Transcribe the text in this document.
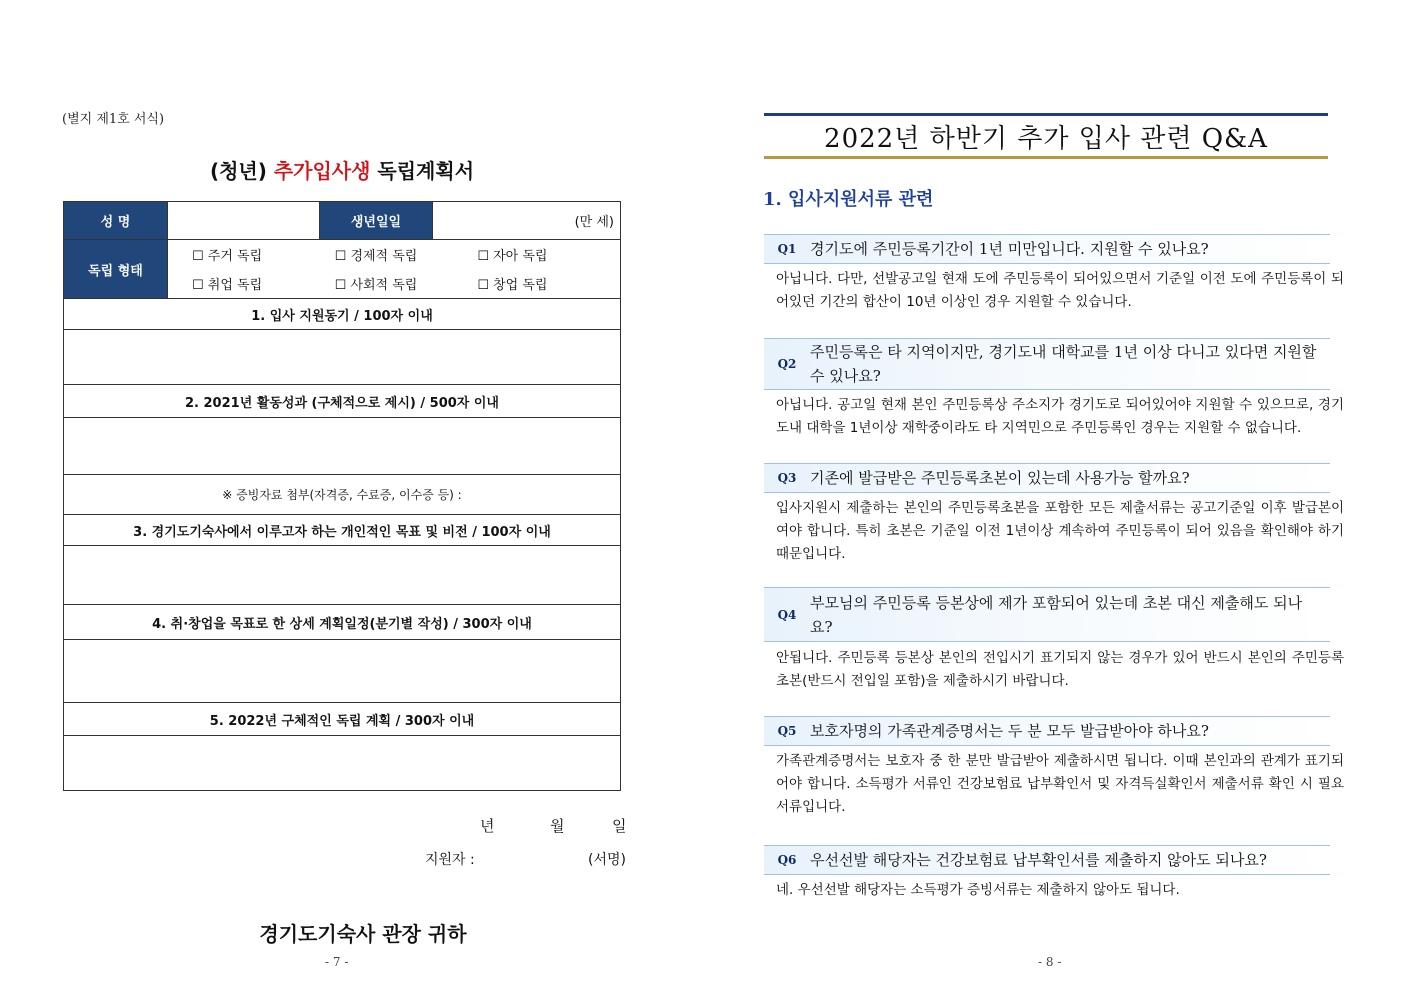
(별지 제1호 서식)
(청년) 추가입사생 독립계획서
성 명	생년일일	(만 세)
독립 형태
☐ 주거 독립	☐ 경제적 독립	☐ 자아 독립
☐ 취업 독립	☐ 사회적 독립	☐ 창업 독립
1. 입사 지원동기 / 100자 이내
2. 2021년 활동성과 (구체적으로 제시) / 500자 이내
※ 증빙자료 첨부(자격증, 수료증, 이수증 등) :
3. 경기도기숙사에서 이루고자 하는 개인적인 목표 및 비전 / 100자 이내
4. 취·창업을 목표로 한 상세 계획일정(분기별 작성) / 300자 이내
5. 2022년 구체적인 독립 계획 / 300자 이내
년	월	일
지원자 :	(서명)
경기도기숙사 관장 귀하
- 7 -
2022년 하반기 추가 입사 관련 Q&A
1. 입사지원서류 관련
Q1 경기도에 주민등록기간이 1년 미만입니다. 지원할 수 있나요?
아닙니다. 다만, 선발공고일 현재 도에 주민등록이 되어있으면서 기준일 이전 도에 주민등록이 되어있던 기간의 합산이 10년 이상인 경우 지원할 수 있습니다.
Q2
주민등록은 타 지역이지만, 경기도내 대학교를 1년 이상 다니고 있다면 지원할 수 있나요?
아닙니다. 공고일 현재 본인 주민등록상 주소지가 경기도로 되어있어야 지원할 수 있으므로, 경기도내 대학을 1년이상 재학중이라도 타 지역민으로 주민등록인 경우는 지원할 수 없습니다.
Q3 기존에 발급받은 주민등록초본이 있는데 사용가능 할까요?
입사지원시 제출하는 본인의 주민등록초본을 포함한 모든 제출서류는 공고기준일 이후 발급본이여야 합니다. 특히 초본은 기준일 이전 1년이상 계속하여 주민등록이 되어 있음을 확인해야 하기 때문입니다.
Q4
부모님의 주민등록 등본상에 제가 포함되어 있는데 초본 대신 제출해도 되나요?
안됩니다. 주민등록 등본상 본인의 전입시기 표기되지 않는 경우가 있어 반드시 본인의 주민등록초본(반드시 전입일 포함)을 제출하시기 바랍니다.
Q5 보호자명의 가족관계증명서는 두 분 모두 발급받아야 하나요?
가족관계증명서는 보호자 중 한 분만 발급받아 제출하시면 됩니다. 이때 본인과의 관계가 표기되어야 합니다. 소득평가 서류인 건강보험료 납부확인서 및 자격득실확인서 제출서류 확인 시 필요서류입니다.
Q6 우선선발 해당자는 건강보험료 납부확인서를 제출하지 않아도 되나요?
네. 우선선발 해당자는 소득평가 증빙서류는 제출하지 않아도 됩니다.
- 8 -
